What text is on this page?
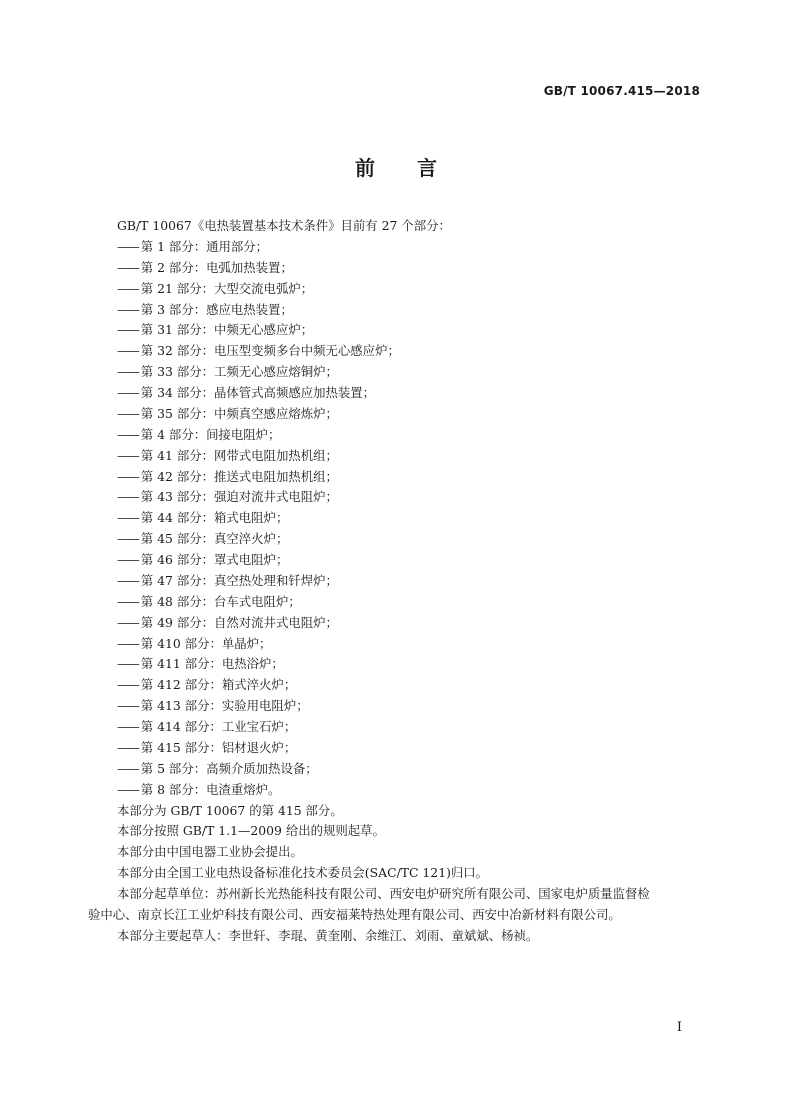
GB/T 10067.415—2018
前言
GB/T 10067《电热装置基本技术条件》目前有 27 个部分：
—— 第 1 部分：通用部分；
—— 第 2 部分：电弧加热装置；
—— 第 21 部分：大型交流电弧炉；
—— 第 3 部分：感应电热装置；
—— 第 31 部分：中频无心感应炉；
—— 第 32 部分：电压型变频多台中频无心感应炉；
—— 第 33 部分：工频无心感应熔铜炉；
—— 第 34 部分：晶体管式高频感应加热装置；
—— 第 35 部分：中频真空感应熔炼炉；
—— 第 4 部分：间接电阻炉；
—— 第 41 部分：网带式电阻加热机组；
—— 第 42 部分：推送式电阻加热机组；
—— 第 43 部分：强迫对流井式电阻炉；
—— 第 44 部分：箱式电阻炉；
—— 第 45 部分：真空淬火炉；
—— 第 46 部分：罩式电阻炉；
—— 第 47 部分：真空热处理和钎焊炉；
—— 第 48 部分：台车式电阻炉；
—— 第 49 部分：自然对流井式电阻炉；
—— 第 410 部分：单晶炉；
—— 第 411 部分：电热浴炉；
—— 第 412 部分：箱式淬火炉；
—— 第 413 部分：实验用电阻炉；
—— 第 414 部分：工业宝石炉；
—— 第 415 部分：铝材退火炉；
—— 第 5 部分：高频介质加热设备；
—— 第 8 部分：电渣重熔炉。
本部分为 GB/T 10067 的第 415 部分。
本部分按照 GB/T 1.1—2009 给出的规则起草。
本部分由中国电器工业协会提出。
本部分由全国工业电热设备标准化技术委员会(SAC/TC 121)归口。
本部分起草单位：苏州新长光热能科技有限公司、西安电炉研究所有限公司、国家电炉质量监督检
验中心、南京长江工业炉科技有限公司、西安福莱特热处理有限公司、西安中冶新材料有限公司。
本部分主要起草人：李世轩、李琨、黄奎刚、余维江、刘雨、童斌斌、杨祯。
I
